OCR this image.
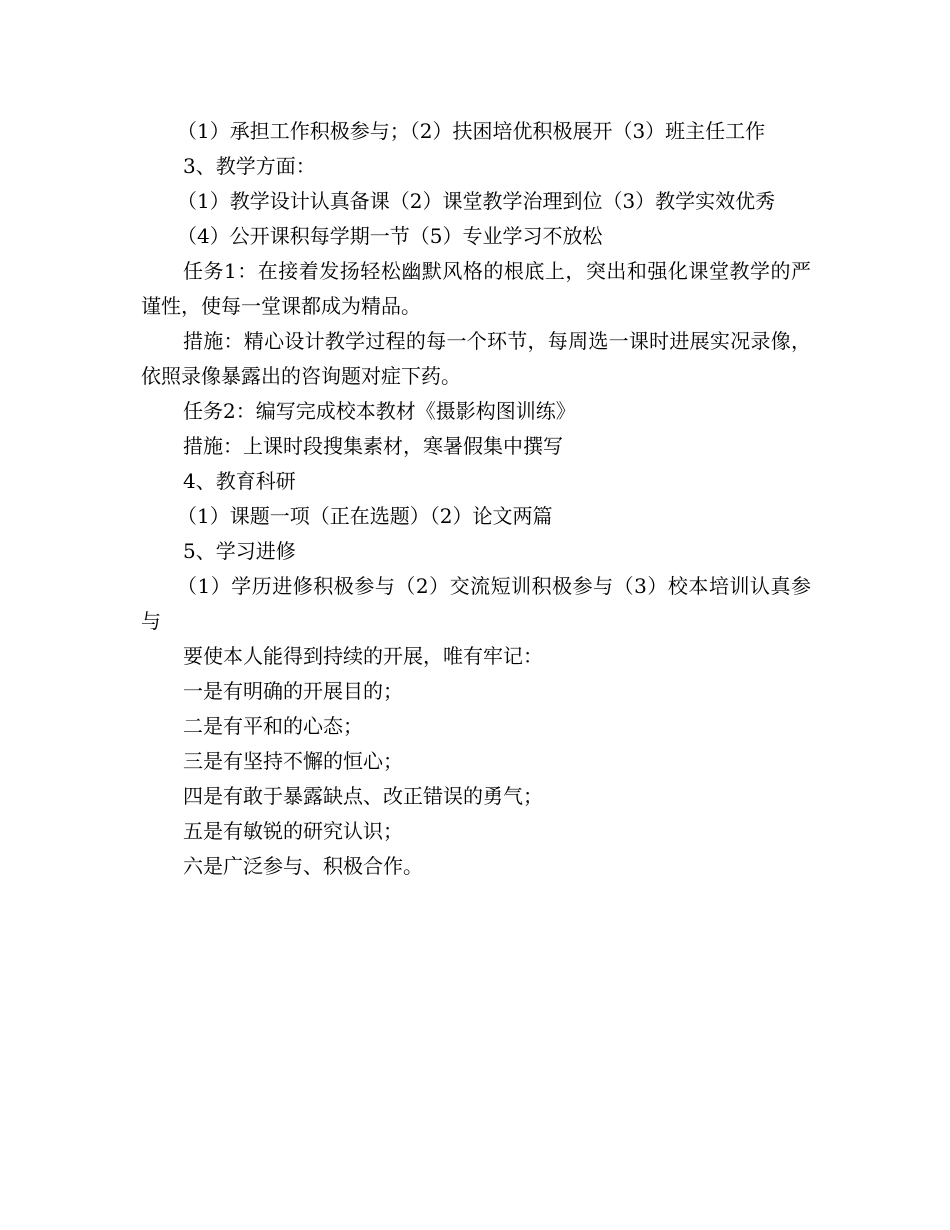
（1）承担工作积极参与；（2）扶困培优积极展开（3）班主任工作

3、教学方面：

（1）教学设计认真备课（2）课堂教学治理到位（3）教学实效优秀

（4）公开课积每学期一节（5）专业学习不放松

任务1：在接着发扬轻松幽默风格的根底上，突出和强化课堂教学的严谨性，使每一堂课都成为精品。

措施：精心设计教学过程的每一个环节，每周选一课时进展实况录像，依照录像暴露出的咨询题对症下药。

任务2：编写完成校本教材《摄影构图训练》

措施：上课时段搜集素材，寒暑假集中撰写

4、教育科研

（1）课题一项（正在选题）（2）论文两篇

5、学习进修

（1）学历进修积极参与（2）交流短训积极参与（3）校本培训认真参与

要使本人能得到持续的开展，唯有牢记：

一是有明确的开展目的；

二是有平和的心态；

三是有坚持不懈的恒心；

四是有敢于暴露缺点、改正错误的勇气；

五是有敏锐的研究认识；

六是广泛参与、积极合作。
